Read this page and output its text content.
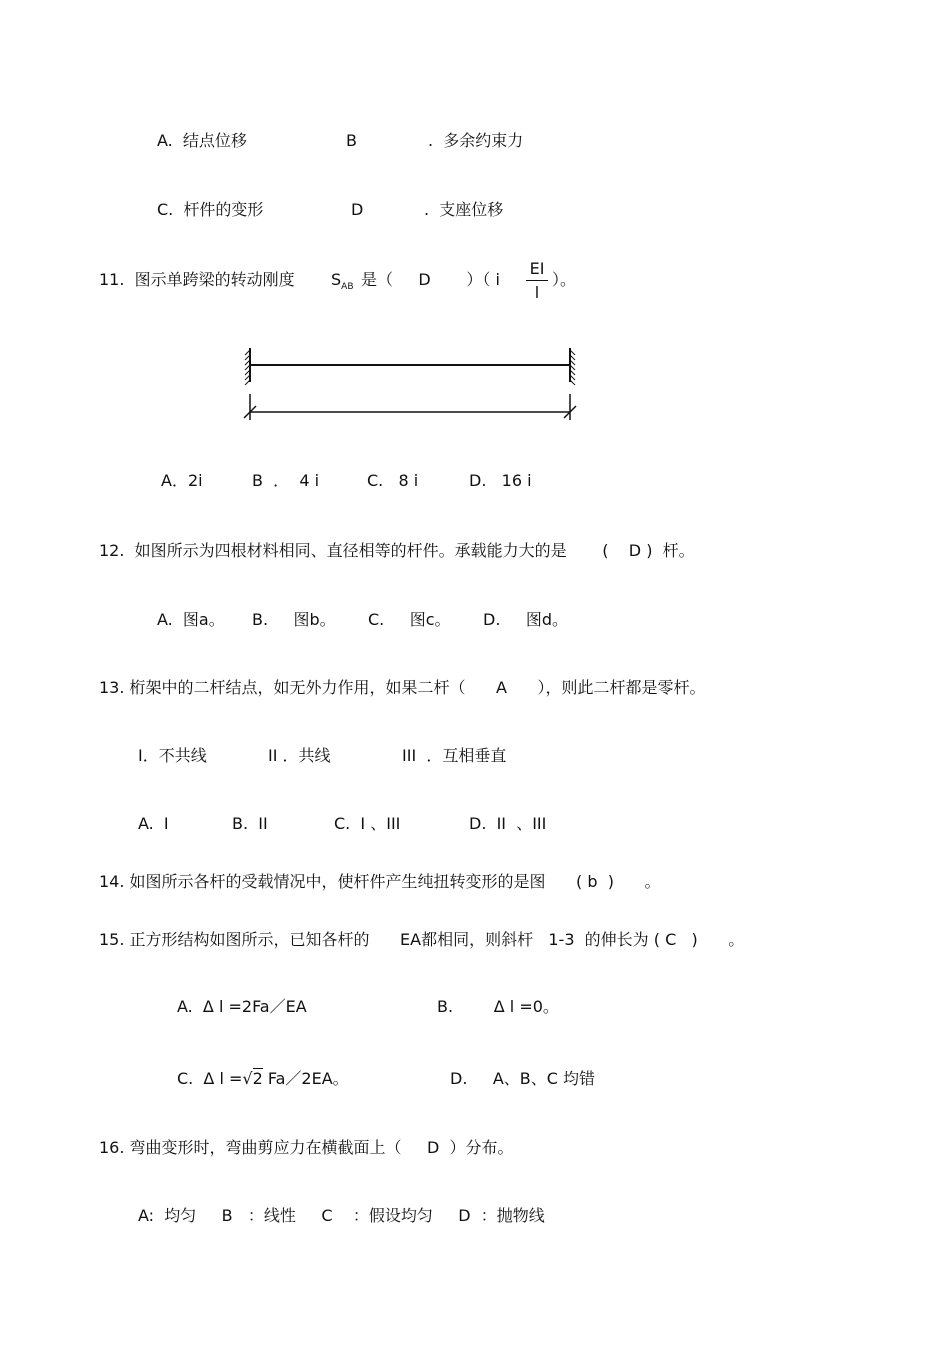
A.  结点位移	B	.  多余约束力
C.  杆件的变形	D	.  支座位移
11.  图示单跨梁的转动刚度 $S_{AB}$ 是（     D       ）（ i
EI
l
）。
A．2i	B  ．  4 i	C.   8 i	D.   16 i
12.  如图所示为四根材料相同、直径相等的杆件。承载能力大的是       (    D )  杆。
A.  图a。 B.     图b。 C.     图c。 D.     图d。
13. 桁架中的二杆结点，如无外力作用，如果二杆（      A      ），则此二杆都是零杆。
I．不共线	II ．共线	III  ．互相垂直
A.  I	B.  II	C.  I 、III	D.  II  、III
14. 如图所示各杆的受载情况中，使杆件产生纯扭转变形的是图      ( b  )      。
15. 正方形结构如图所示，已知各杆的      EA都相同，则斜杆   1-3  的伸长为 ( C   )      。
A.  Δ l =2Fa／EA	B.        Δ l =0。
C.  Δ l =√2 Fa／2EA。	D.     A、B、C 均错
16. 弯曲变形时，弯曲剪应力在横截面上（     D  ）分布。
A:  均匀     B   ：线性     C    ：假设均匀     D  ：抛物线
